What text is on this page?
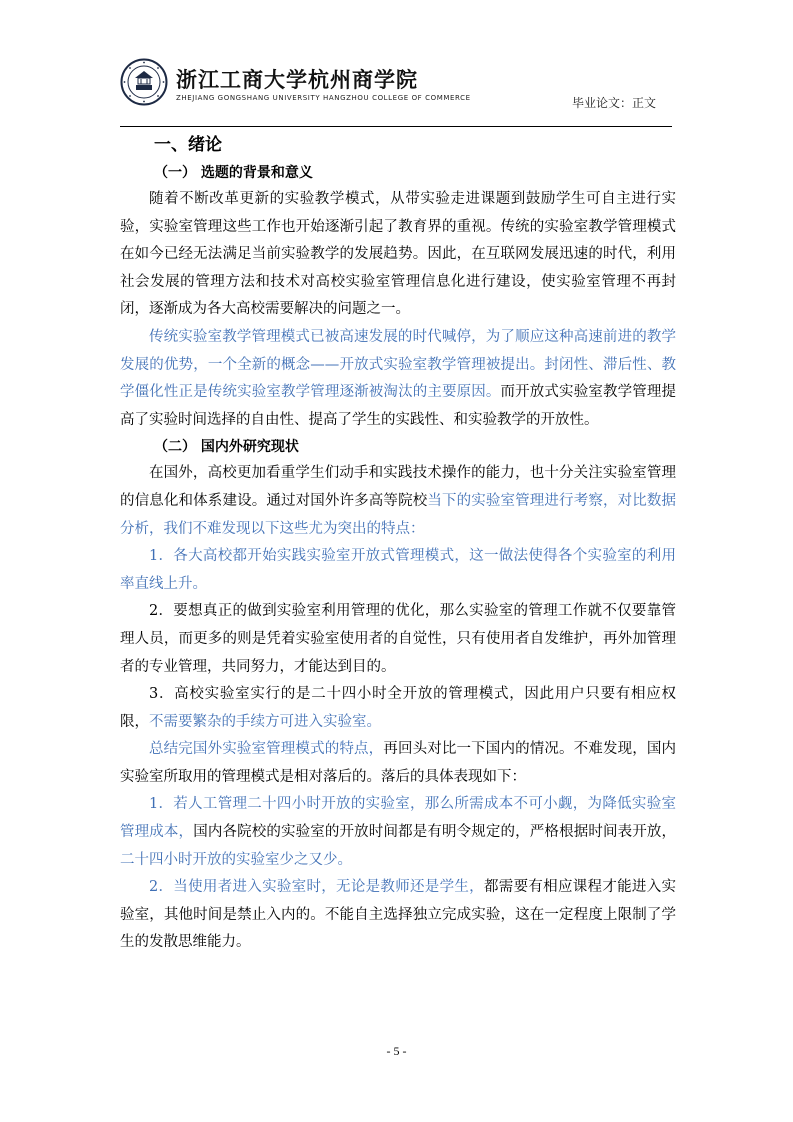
浙江工商大学杭州商学院
ZHEJIANG GONGSHANG UNIVERSITY HANGZHOU COLLEGE OF COMMERCE	毕业论文：正文
一、绪论
（一） 选题的背景和意义

随着不断改革更新的实验教学模式，从带实验走进课题到鼓励学生可自主进行实验，实验室管理这些工作也开始逐渐引起了教育界的重视。传统的实验室教学管理模式在如今已经无法满足当前实验教学的发展趋势。因此，在互联网发展迅速的时代，利用社会发展的管理方法和技术对高校实验室管理信息化进行建设，使实验室管理不再封闭，逐渐成为各大高校需要解决的问题之一。

传统实验室教学管理模式已被高速发展的时代喊停，为了顺应这种高速前进的教学发展的优势，一个全新的概念——开放式实验室教学管理被提出。封闭性、滞后性、教学僵化性正是传统实验室教学管理逐渐被淘汰的主要原因。而开放式实验室教学管理提高了实验时间选择的自由性、提高了学生的实践性、和实验教学的开放性。

（二） 国内外研究现状

在国外，高校更加看重学生们动手和实践技术操作的能力，也十分关注实验室管理的信息化和体系建设。通过对国外许多高等院校当下的实验室管理进行考察，对比数据分析，我们不难发现以下这些尤为突出的特点：

1．各大高校都开始实践实验室开放式管理模式，这一做法使得各个实验室的利用率直线上升。

2．要想真正的做到实验室利用管理的优化，那么实验室的管理工作就不仅要靠管理人员，而更多的则是凭着实验室使用者的自觉性，只有使用者自发维护，再外加管理者的专业管理，共同努力，才能达到目的。

3．高校实验室实行的是二十四小时全开放的管理模式，因此用户只要有相应权限，不需要繁杂的手续方可进入实验室。

总结完国外实验室管理模式的特点，再回头对比一下国内的情况。不难发现，国内实验室所取用的管理模式是相对落后的。落后的具体表现如下：

1．若人工管理二十四小时开放的实验室，那么所需成本不可小觑，为降低实验室管理成本，国内各院校的实验室的开放时间都是有明令规定的，严格根据时间表开放，二十四小时开放的实验室少之又少。

2．当使用者进入实验室时，无论是教师还是学生，都需要有相应课程才能进入实验室，其他时间是禁止入内的。不能自主选择独立完成实验，这在一定程度上限制了学生的发散思维能力。

- 5 -
